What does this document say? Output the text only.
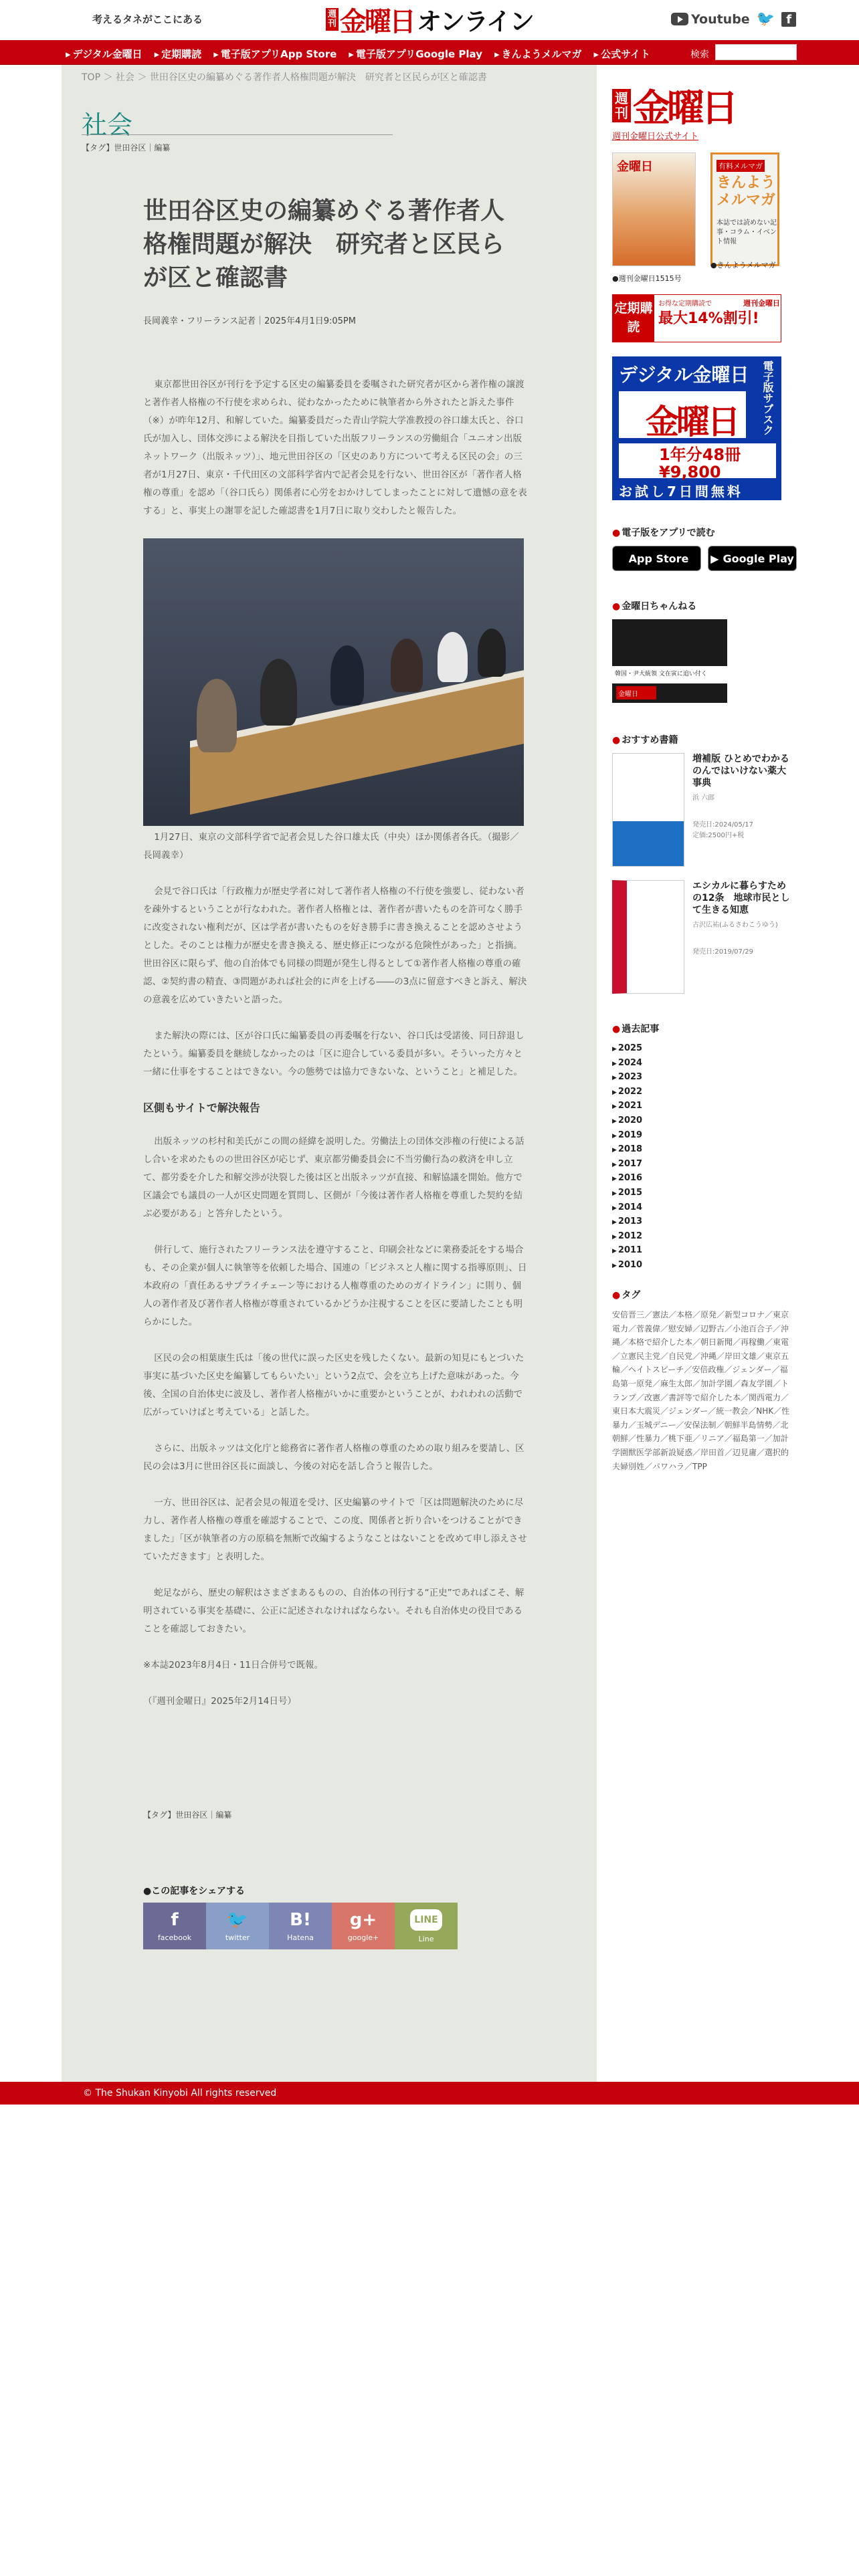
考えるタネがここにある	週
刊 金曜日 オンライン	Youtube 🐦 f
▸ デジタル金曜日	▸ 定期購読	▸ 電子版アプリApp Store	▸ 電子版アプリGoogle Play	▸ きんようメルマガ	▸ 公式サイト	検索
TOP ＞ 社会 ＞ 世田谷区史の編纂めぐる著作者人格権問題が解決　研究者と区民らが区と確認書
社会
【タグ】世田谷区｜編纂
世田谷区史の編纂めぐる著作者人格権問題が解決　研究者と区民らが区と確認書
長岡義幸・フリーランス記者｜2025年4月1日9:05PM

東京都世田谷区が刊行を予定する区史の編纂委員を委嘱された研究者が区から著作権の譲渡と著作者人格権の不行使を求められ、従わなかったために執筆者から外されたと訴えた事件（※）が昨年12月、和解していた。編纂委員だった青山学院大学准教授の谷口雄太氏と、谷口氏が加入し、団体交渉による解決を目指していた出版フリーランスの労働組合「ユニオン出版ネットワーク（出版ネッツ）」、地元世田谷区の「区史のあり方について考える区民の会」の三者が1月27日、東京・千代田区の文部科学省内で記者会見を行ない、世田谷区が「著作者人格権の尊重」を認め「（谷口氏ら）関係者に心労をおかけしてしまったことに対して遺憾の意を表する」と、事実上の謝罪を記した確認書を1月7日に取り交わしたと報告した。

1月27日、東京の文部科学省で記者会見した谷口雄太氏（中央）ほか関係者各氏。（撮影／長岡義幸）

会見で谷口氏は「行政権力が歴史学者に対して著作者人格権の不行使を強要し、従わない者を疎外するということが行なわれた。著作者人格権とは、著作者が書いたものを許可なく勝手に改変されない権利だが、区は学者が書いたものを好き勝手に書き換えることを認めさせようとした。そのことは権力が歴史を書き換える、歴史修正につながる危険性があった」と指摘。世田谷区に限らず、他の自治体でも同様の問題が発生し得るとして①著作者人格権の尊重の確認、②契約書の精査、③問題があれば社会的に声を上げる――の3点に留意すべきと訴え、解決の意義を広めていきたいと語った。

また解決の際には、区が谷口氏に編纂委員の再委嘱を行ない、谷口氏は受諾後、同日辞退したという。編纂委員を継続しなかったのは「区に迎合している委員が多い。そういった方々と一緒に仕事をすることはできない。今の態勢では協力できないな、ということ」と補足した。

区側もサイトで解決報告

出版ネッツの杉村和美氏がこの間の経緯を説明した。労働法上の団体交渉権の行使による話し合いを求めたものの世田谷区が応じず、東京都労働委員会に不当労働行為の救済を申し立て、都労委を介した和解交渉が決裂した後は区と出版ネッツが直接、和解協議を開始。他方で区議会でも議員の一人が区史問題を質問し、区側が「今後は著作者人格権を尊重した契約を結ぶ必要がある」と答弁したという。

併行して、施行されたフリーランス法を遵守すること、印刷会社などに業務委託をする場合も、その企業が個人に執筆等を依頼した場合、国連の「ビジネスと人権に関する指導原則」、日本政府の「責任あるサプライチェーン等における人権尊重のためのガイドライン」に則り、個人の著作者及び著作者人格権が尊重されているかどうか注視することを区に要請したことも明らかにした。

区民の会の相葉康生氏は「後の世代に誤った区史を残したくない。最新の知見にもとづいた事実に基づいた区史を編纂してもらいたい」という2点で、会を立ち上げた意味があった。今後、全国の自治体史に波及し、著作者人格権がいかに重要かということが、われわれの活動で広がっていけばと考えている」と話した。

さらに、出版ネッツは文化庁と総務省に著作者人格権の尊重のための取り組みを要請し、区民の会は3月に世田谷区長に面談し、今後の対応を話し合うと報告した。

一方、世田谷区は、記者会見の報道を受け、区史編纂のサイトで「区は問題解決のために尽力し、著作者人格権の尊重を確認することで、この度、関係者と折り合いをつけることができました」「区が執筆者の方の原稿を無断で改編するようなことはないことを改めて申し添えさせていただきます」と表明した。

蛇足ながら、歴史の解釈はさまざまあるものの、自治体の刊行する“正史”であればこそ、解明されている事実を基礎に、公正に記述されなければならない。それも自治体史の役目であることを確認しておきたい。

※本誌2023年8月4日・11日合併号で既報。

（『週刊金曜日』2025年2月14日号）

【タグ】世田谷区｜編纂
●この記事をシェアする
f
facebook
🐦
twitter
B!
Hatena
g+
google+
LINE
Line
週
刊 金曜日
週刊金曜日公式サイト
金曜日	有料メルマガ
きんようメルマガ
本誌では読めない記事・コラム・イベント情報
●きんようメルマガ
●週刊金曜日1515号
定期購読
お得な定期購読で
最大14%割引!
週刊金曜日
デジタル金曜日	電子版サブスク
金曜日
1年分48冊 ¥9,800
お試し7日間無料
● 電子版をアプリで読む
App Store ▶ Google Play
● 金曜日ちゃんねる
韓国・尹大統領 文在寅に追い付く
金曜日
● おすすめ書籍
増補版 ひとめでわかるのんではいけない薬大事典
浜 六郎
発売日:2024/05/17
定価:2500円+税
エシカルに暮らすための12条　地球市民として生きる知恵
古沢広祐(ふるさわこうゆう)
発売日:2019/07/29
● 過去記事
▶ 2025
▶ 2024
▶ 2023
▶ 2022
▶ 2021
▶ 2020
▶ 2019
▶ 2018
▶ 2017
▶ 2016
▶ 2015
▶ 2014
▶ 2013
▶ 2012
▶ 2011
▶ 2010
● タグ
安倍晋三／憲法／本格／原発／新型コロナ／東京電力／菅義偉／慰安婦／辺野古／小池百合子／沖縄／本格で紹介した本／朝日新聞／再稼働／東電／立憲民主党／自民党／沖縄／岸田文雄／東京五輪／ヘイトスピーチ／安倍政権／ジェンダー／福島第一原発／麻生太郎／加計学園／森友学園／トランプ／改憲／書評等で紹介した本／関西電力／東日本大震災／ジェンダー／統一教会／NHK／性暴力／玉城デニー／安保法制／朝鮮半島情勢／北朝鮮／性暴力／桃下亜／リニア／福島第一／加計学園獣医学部新設疑惑／岸田首／辺見庸／選択的夫婦別姓／パワハラ／TPP
© The Shukan Kinyobi All rights reserved
